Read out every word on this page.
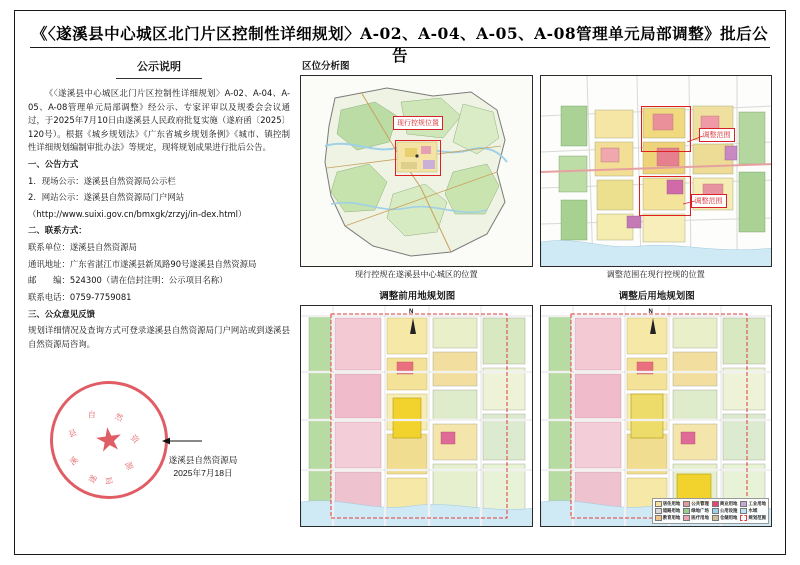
《〈遂溪县中心城区北门片区控制性详细规划〉A-02、A-04、A-05、A-08管理单元局部调整》批后公告
公示说明

《〈遂溪县中心城区北门片区控制性详细规划〉A-02、A-04、A-05、A-08管理单元局部调整》经公示、专家评审以及规委会会议通过，于2025年7月10日由遂溪县人民政府批复实施（遂府函〔2025〕120号）。根据《城乡规划法》《广东省城乡规划条例》《城市、镇控制性详细规划编制审批办法》等规定，现将规划成果进行批后公告。

一、公告方式

1．现场公示：遂溪县自然资源局公示栏

2．网站公示：遂溪县自然资源局门户网站

（http://www.suixi.gov.cn/bmxgk/zrzyj/in-dex.html）

二、联系方式：

联系单位：遂溪县自然资源局

通讯地址：广东省湛江市遂溪县新凤路90号遂溪县自然资源局

邮　　编：524300（请在信封注明：公示项目名称）

联系电话：0759-7759081

三、公众意见反馈

规划详细情况及查询方式可登录遂溪县自然资源局门户网站或到遂溪县自然资源局咨询。

遂
溪
县
自 然
资
源
局
遂溪县自然资源局
2025年7月18日
区位分析图
现行控规位置
调整范围
调整范围
现行控规在遂溪县中心城区的位置	调整范围在现行控规的位置
调整前用地规划图	调整后用地规划图
N	N
居住用地	公共管理	商业用地	工业用地
道路用地	绿地广场	公用设施	水域
教育用地	医疗用地	仓储用地	规划范围
